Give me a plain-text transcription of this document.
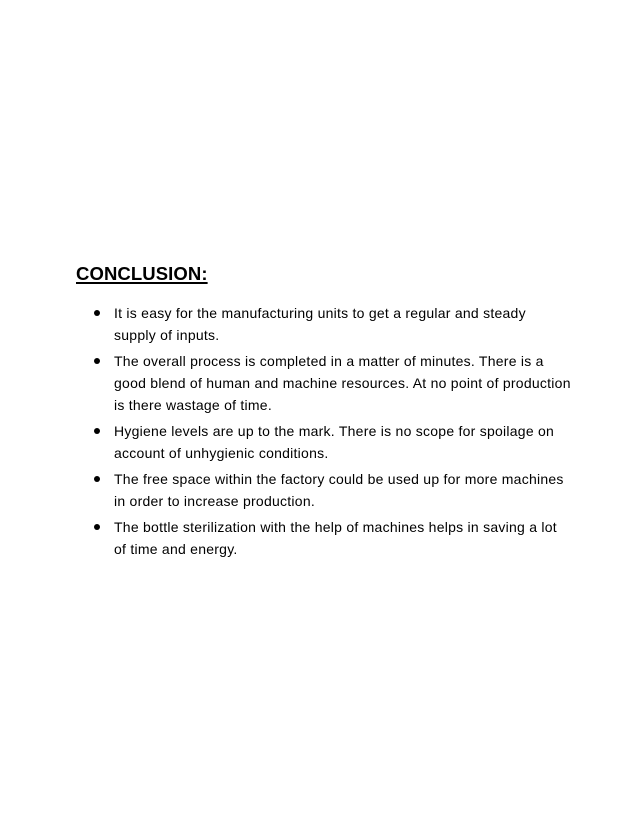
CONCLUSION:
It is easy for the manufacturing units to get a regular and steady supply of inputs.
The overall process is completed in a matter of minutes. There is a good blend of human and machine resources. At no point of production is there wastage of time.
Hygiene levels are up to the mark. There is no scope for spoilage on account of unhygienic conditions.
The free space within the factory could be used up for more machines in order to increase production.
The bottle sterilization with the help of machines helps in saving a lot of time and energy.
